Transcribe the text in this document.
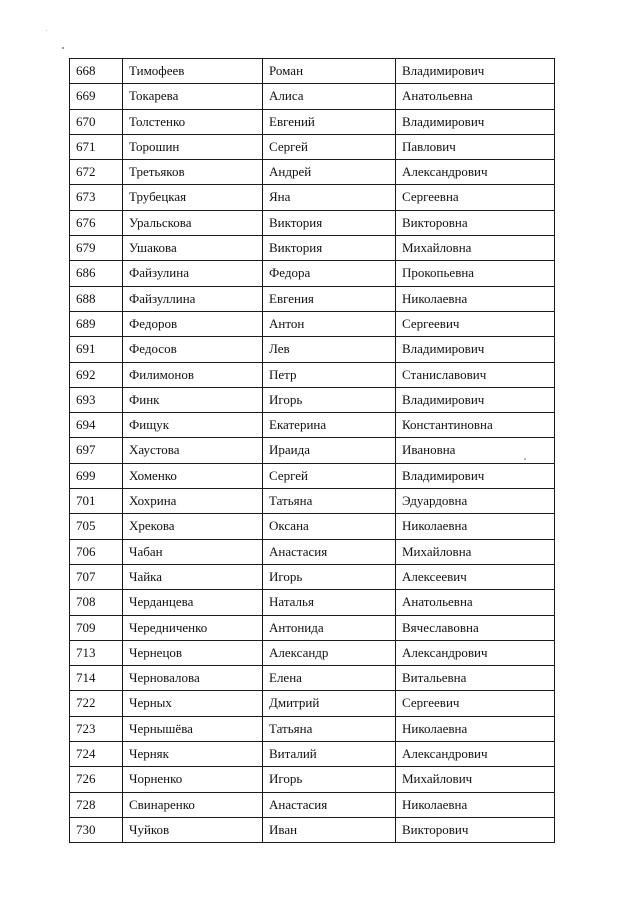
668	Тимофеев	Роман	Владимирович
669	Токарева	Алиса	Анатольевна
670	Толстенко	Евгений	Владимирович
671	Торошин	Сергей	Павлович
672	Третьяков	Андрей	Александрович
673	Трубецкая	Яна	Сергеевна
676	Уральскова	Виктория	Викторовна
679	Ушакова	Виктория	Михайловна
686	Файзулина	Федора	Прокопьевна
688	Файзуллина	Евгения	Николаевна
689	Федоров	Антон	Сергеевич
691	Федосов	Лев	Владимирович
692	Филимонов	Петр	Станиславович
693	Финк	Игорь	Владимирович
694	Фищук	Екатерина	Константиновна
697	Хаустова	Ираида	Ивановна
699	Хоменко	Сергей	Владимирович
701	Хохрина	Татьяна	Эдуардовна
705	Хрекова	Оксана	Николаевна
706	Чабан	Анастасия	Михайловна
707	Чайка	Игорь	Алексеевич
708	Черданцева	Наталья	Анатольевна
709	Чередниченко	Антонида	Вячеславовна
713	Чернецов	Александр	Александрович
714	Черновалова	Елена	Витальевна
722	Черных	Дмитрий	Сергеевич
723	Чернышёва	Татьяна	Николаевна
724	Черняк	Виталий	Александрович
726	Чорненко	Игорь	Михайлович
728	Свинаренко	Анастасия	Николаевна
730	Чуйков	Иван	Викторович
